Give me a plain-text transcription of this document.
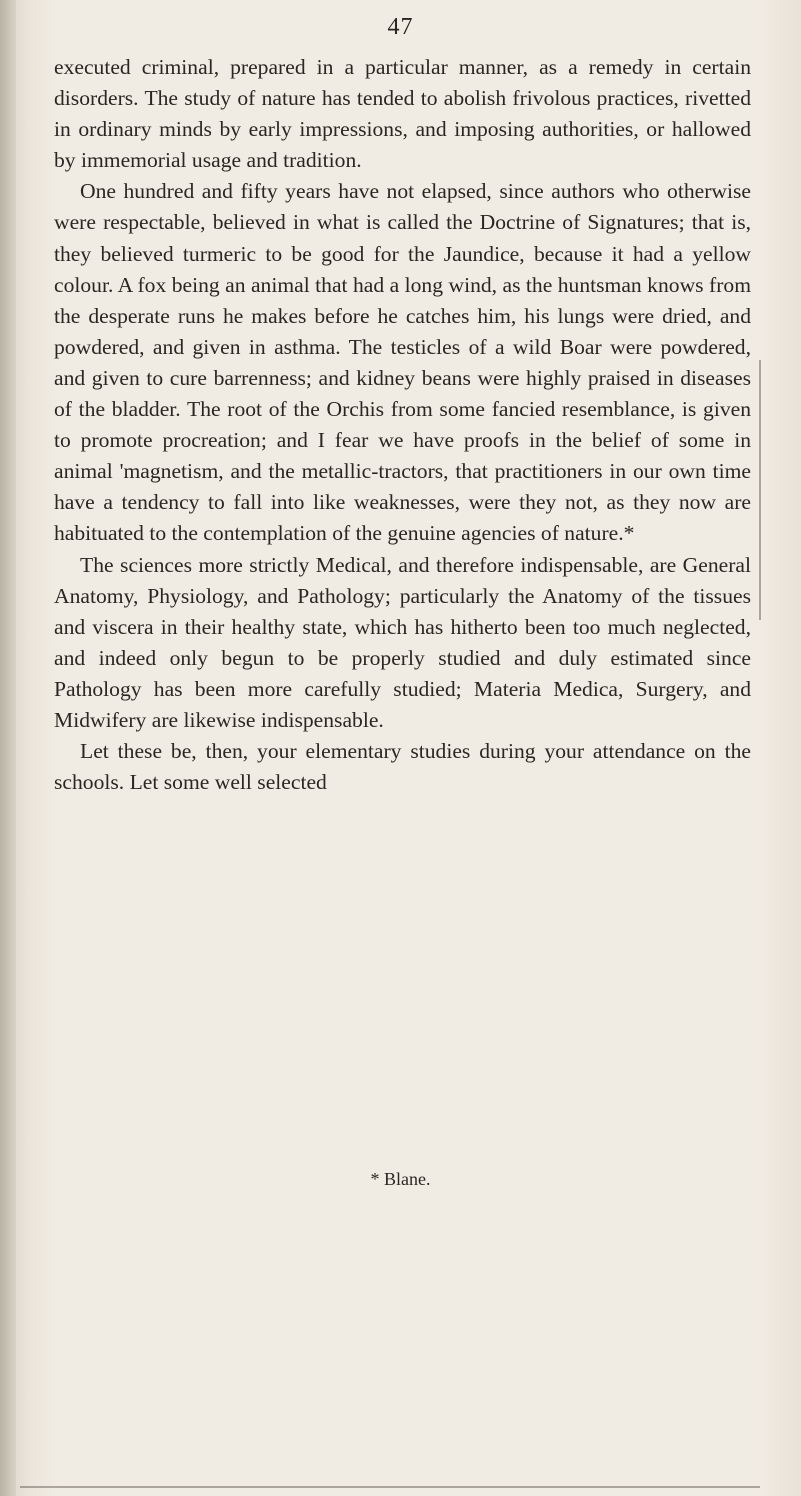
47

executed criminal, prepared in a particular manner, as a remedy in certain disorders. The study of nature has tended to abolish frivolous practices, rivetted in ordinary minds by early impressions, and imposing authorities, or hallowed by immemorial usage and tradition.

One hundred and fifty years have not elapsed, since authors who otherwise were respectable, believed in what is called the Doctrine of Signatures; that is, they believed turmeric to be good for the Jaundice, because it had a yellow colour. A fox being an animal that had a long wind, as the huntsman knows from the desperate runs he makes before he catches him, his lungs were dried, and powdered, and given in asthma. The testicles of a wild Boar were powdered, and given to cure barrenness; and kidney beans were highly praised in diseases of the bladder. The root of the Orchis from some fancied resemblance, is given to promote procreation; and I fear we have proofs in the belief of some in animal 'magnetism, and the metallic-tractors, that practitioners in our own time have a tendency to fall into like weaknesses, were they not, as they now are habituated to the contemplation of the genuine agencies of nature.*

The sciences more strictly Medical, and therefore indispensable, are General Anatomy, Physiology, and Pathology; particularly the Anatomy of the tissues and viscera in their healthy state, which has hitherto been too much neglected, and indeed only begun to be properly studied and duly estimated since Pathology has been more carefully studied; Materia Medica, Surgery, and Midwifery are likewise indispensable.

Let these be, then, your elementary studies during your attendance on the schools. Let some well selected

* Blane.
